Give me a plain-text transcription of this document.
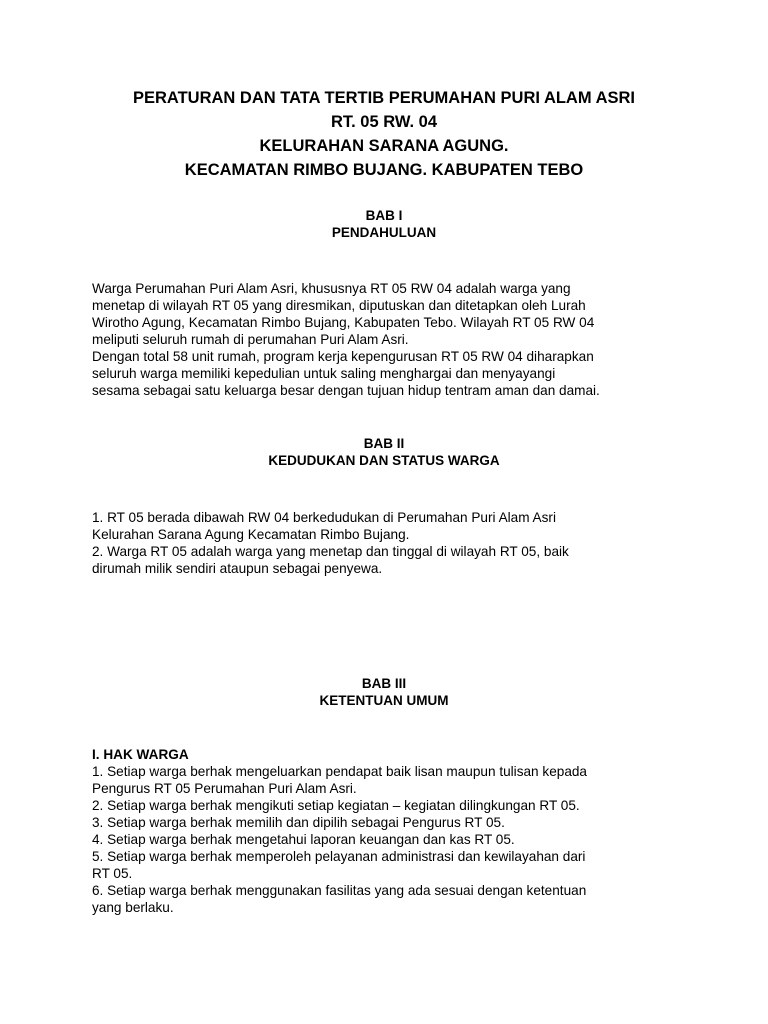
PERATURAN DAN TATA TERTIB PERUMAHAN PURI ALAM ASRI
RT. 05 RW. 04
KELURAHAN SARANA AGUNG.
KECAMATAN RIMBO BUJANG. KABUPATEN TEBO
BAB I
PENDAHULUAN
Warga Perumahan Puri Alam Asri, khususnya RT 05 RW 04 adalah warga yang
menetap di wilayah RT 05 yang diresmikan, diputuskan dan ditetapkan oleh Lurah
Wirotho Agung, Kecamatan Rimbo Bujang, Kabupaten Tebo. Wilayah RT 05 RW 04
meliputi seluruh rumah di perumahan Puri Alam Asri.
Dengan total 58 unit rumah, program kerja kepengurusan RT 05 RW 04 diharapkan
seluruh warga memiliki kepedulian untuk saling menghargai dan menyayangi
sesama sebagai satu keluarga besar dengan tujuan hidup tentram aman dan damai.
BAB II
KEDUDUKAN DAN STATUS WARGA
1. RT 05 berada dibawah RW 04 berkedudukan di Perumahan Puri Alam Asri
Kelurahan Sarana Agung Kecamatan Rimbo Bujang.
2. Warga RT 05 adalah warga yang menetap dan tinggal di wilayah RT 05, baik
dirumah milik sendiri ataupun sebagai penyewa.
BAB III
KETENTUAN UMUM
I. HAK WARGA
1. Setiap warga berhak mengeluarkan pendapat baik lisan maupun tulisan kepada
Pengurus RT 05 Perumahan Puri Alam Asri.
2. Setiap warga berhak mengikuti setiap kegiatan – kegiatan dilingkungan RT 05.
3. Setiap warga berhak memilih dan dipilih sebagai Pengurus RT 05.
4. Setiap warga berhak mengetahui laporan keuangan dan kas RT 05.
5. Setiap warga berhak memperoleh pelayanan administrasi dan kewilayahan dari
RT 05.
6. Setiap warga berhak menggunakan fasilitas yang ada sesuai dengan ketentuan
yang berlaku.
